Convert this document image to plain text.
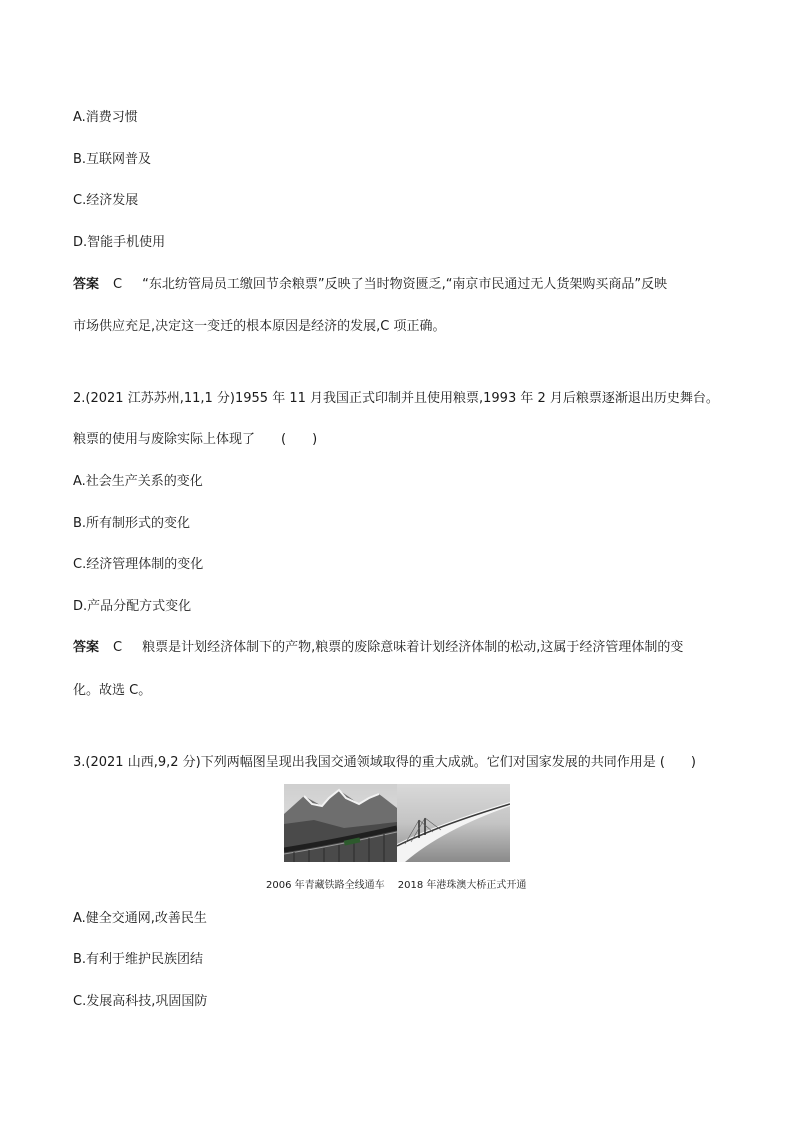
A.消费习惯
B.互联网普及
C.经济发展
D.智能手机使用
答案 C “东北纺管局员工缴回节余粮票”反映了当时物资匮乏,“南京市民通过无人货架购买商品”反映
市场供应充足,决定这一变迁的根本原因是经济的发展,C 项正确。
2.(2021 江苏苏州,11,1 分)1955 年 11 月我国正式印制并且使用粮票,1993 年 2 月后粮票逐渐退出历史舞台。
粮票的使用与废除实际上体现了　　(　　)
A.社会生产关系的变化
B.所有制形式的变化
C.经济管理体制的变化
D.产品分配方式变化
答案 C 粮票是计划经济体制下的产物,粮票的废除意味着计划经济体制的松动,这属于经济管理体制的变
化。故选 C。
3.(2021 山西,9,2 分)下列两幅图呈现出我国交通领域取得的重大成就。它们对国家发展的共同作用是 (　　)
2006 年青藏铁路全线通车　 2018 年港珠澳大桥正式开通
A.健全交通网,改善民生
B.有利于维护民族团结
C.发展高科技,巩固国防
